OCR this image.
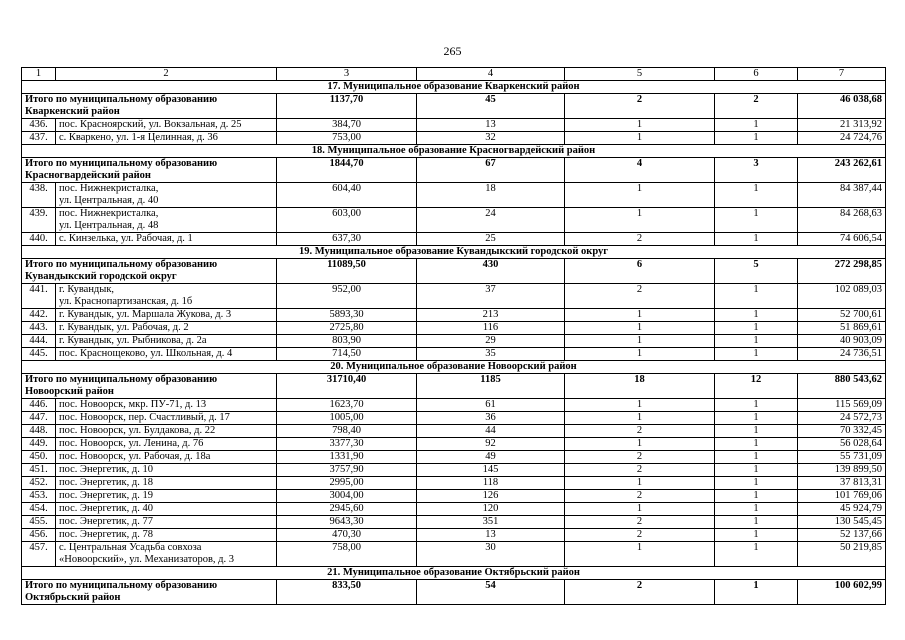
265
1	2	3	4	5	6	7
17. Муниципальное образование Кваркенский район						

Итого по муниципальному образованию
Кваркенский район		1137,70	45	2	2	46 038,68
436.	пос. Красноярский, ул. Вокзальная, д. 25	384,70	13	1	1	21 313,92
437.	с. Кваркено, ул. 1-я Целинная, д. 36	753,00	32	1	1	24 724,76
18. Муниципальное образование Красногвардейский район						

Итого по муниципальному образованию
Красногвардейский район		1844,70	67	4	3	243 262,61
438.	пос. Нижнекристалка,
ул. Центральная, д. 40	604,40	18	1	1	84 387,44
439.	пос. Нижнекристалка,
ул. Центральная, д. 48	603,00	24	1	1	84 268,63
440.	с. Кинзелька, ул. Рабочая, д. 1	637,30	25	2	1	74 606,54
19. Муниципальное образование Кувандыкский городской округ						

Итого по муниципальному образованию
Кувандыкский городской округ		11089,50	430	6	5	272 298,85
441.	г. Кувандык,
ул. Краснопартизанская, д. 1б	952,00	37	2	1	102 089,03
442.	г. Кувандык, ул. Маршала Жукова, д. 3	5893,30	213	1	1	52 700,61
443.	г. Кувандык, ул. Рабочая, д. 2	2725,80	116	1	1	51 869,61
444.	г. Кувандык, ул. Рыбникова, д. 2а	803,90	29	1	1	40 903,09
445.	пос. Краснощеково, ул. Школьная, д. 4	714,50	35	1	1	24 736,51
20. Муниципальное образование Новоорский район						

Итого по муниципальному образованию
Новоорский район		31710,40	1185	18	12	880 543,62
446.	пос. Новоорск, мкр. ПУ-71, д. 13	1623,70	61	1	1	115 569,09
447.	пос. Новоорск, пер. Счастливый, д. 17	1005,00	36	1	1	24 572,73
448.	пос. Новоорск, ул. Булдакова, д. 22	798,40	44	2	1	70 332,45
449.	пос. Новоорск, ул. Ленина, д. 76	3377,30	92	1	1	56 028,64
450.	пос. Новоорск, ул. Рабочая, д. 18а	1331,90	49	2	1	55 731,09
451.	пос. Энергетик, д. 10	3757,90	145	2	1	139 899,50
452.	пос. Энергетик, д. 18	2995,00	118	1	1	37 813,31
453.	пос. Энергетик, д. 19	3004,00	126	2	1	101 769,06
454.	пос. Энергетик, д. 40	2945,60	120	1	1	45 924,79
455.	пос. Энергетик, д. 77	9643,30	351	2	1	130 545,45
456.	пос. Энергетик, д. 78	470,30	13	2	1	52 137,66
457.	с. Центральная Усадьба совхоза
«Новоорский», ул. Механизаторов, д. 3	758,00	30	1	1	50 219,85
21. Муниципальное образование Октябрьский район						

Итого по муниципальному образованию
Октябрьский район		833,50	54	2	1	100 602,99
